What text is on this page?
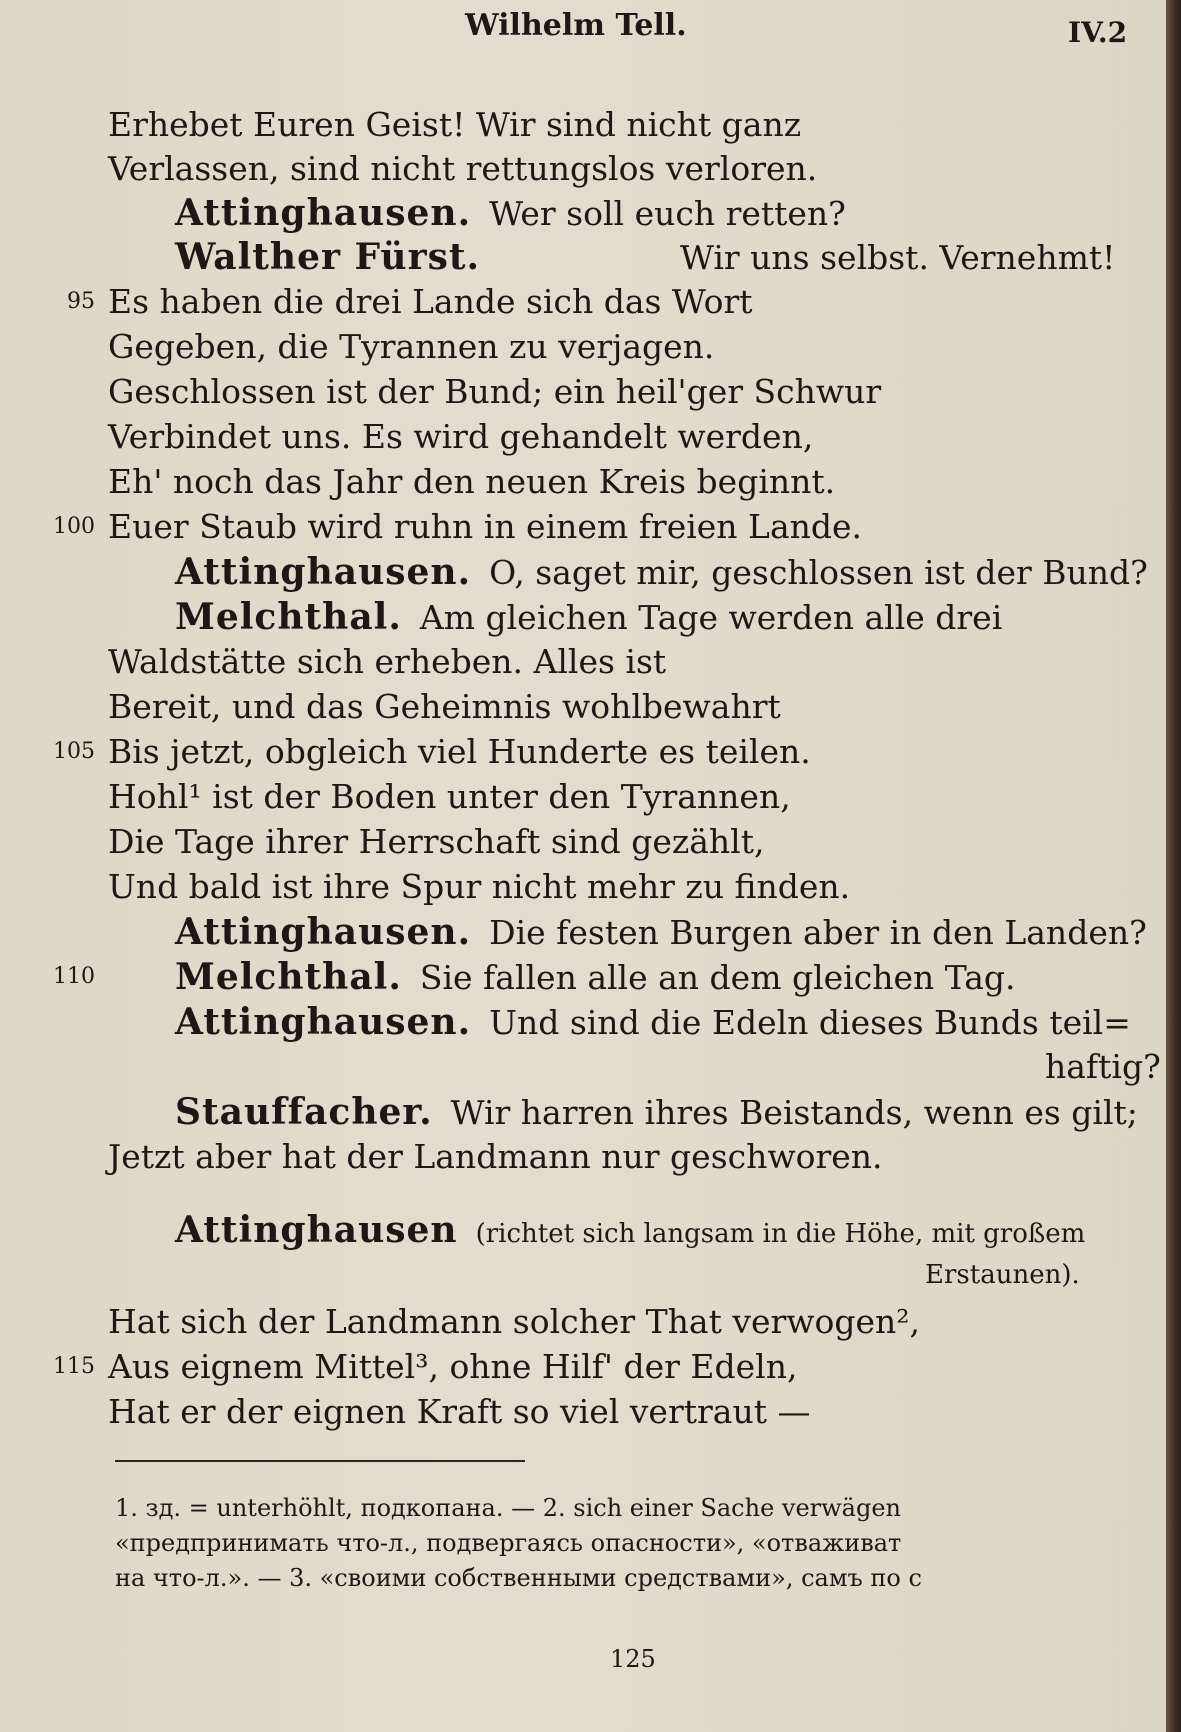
Wilhelm Tell.	IV.2
Erhebet Euren Geist! Wir sind nicht ganz
Verlassen, sind nicht rettungslos verloren.
Attinghausen. Wer soll euch retten?
Walther Fürst.	Wir uns selbst. Vernehmt!
95 Es haben die drei Lande sich das Wort
Gegeben, die Tyrannen zu verjagen.
Geschlossen ist der Bund; ein heil'ger Schwur
Verbindet uns. Es wird gehandelt werden,
Eh' noch das Jahr den neuen Kreis beginnt.
100 Euer Staub wird ruhn in einem freien Lande.
Attinghausen. O, saget mir, geschlossen ist der Bund?
Melchthal. Am gleichen Tage werden alle drei
Waldstätte sich erheben. Alles ist
Bereit, und das Geheimnis wohlbewahrt
105 Bis jetzt, obgleich viel Hunderte es teilen.
Hohl¹ ist der Boden unter den Tyrannen,
Die Tage ihrer Herrschaft sind gezählt,
Und bald ist ihre Spur nicht mehr zu finden.
Attinghausen. Die festen Burgen aber in den Landen?
110 Melchthal. Sie fallen alle an dem gleichen Tag.
Attinghausen. Und sind die Edeln dieses Bunds teil=
haftig?
Stauffacher. Wir harren ihres Beistands, wenn es gilt;
Jetzt aber hat der Landmann nur geschworen.
Attinghausen (richtet sich langsam in die Höhe, mit großem
Erstaunen).
Hat sich der Landmann solcher That verwogen²,
115 Aus eignem Mittel³, ohne Hilf' der Edeln,
Hat er der eignen Kraft so viel vertraut —
1. зд. = unterhöhlt, подкопана. — 2. sich einer Sache verwägen
«предпринимать что-л., подвергаясь опасности», «отваживат
на что-л.». — 3. «своими собственными средствами», самъ по с
125
